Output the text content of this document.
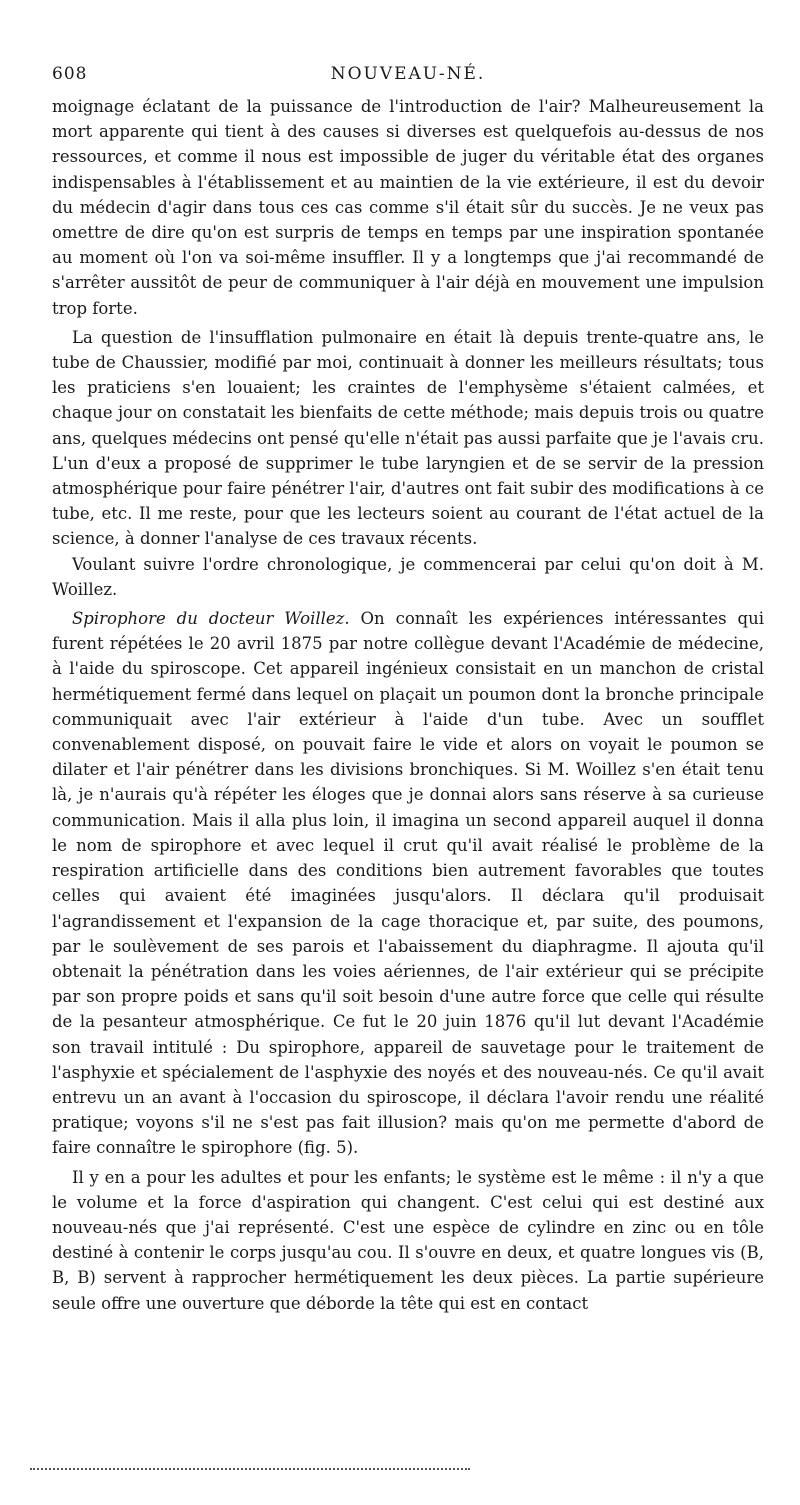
608	NOUVEAU-NÉ.

moignage éclatant de la puissance de l'introduction de l'air? Malheureusement la mort apparente qui tient à des causes si diverses est quelquefois au-dessus de nos ressources, et comme il nous est impossible de juger du véritable état des organes indispensables à l'établissement et au maintien de la vie extérieure, il est du devoir du médecin d'agir dans tous ces cas comme s'il était sûr du succès. Je ne veux pas omettre de dire qu'on est surpris de temps en temps par une inspiration spontanée au moment où l'on va soi-même insuffler. Il y a longtemps que j'ai recommandé de s'arrêter aussitôt de peur de communiquer à l'air déjà en mouvement une impulsion trop forte.

La question de l'insufflation pulmonaire en était là depuis trente-quatre ans, le tube de Chaussier, modifié par moi, continuait à donner les meilleurs résultats; tous les praticiens s'en louaient; les craintes de l'emphysème s'étaient calmées, et chaque jour on constatait les bienfaits de cette méthode; mais depuis trois ou quatre ans, quelques médecins ont pensé qu'elle n'était pas aussi parfaite que je l'avais cru. L'un d'eux a proposé de supprimer le tube laryngien et de se servir de la pression atmosphérique pour faire pénétrer l'air, d'autres ont fait subir des modifications à ce tube, etc. Il me reste, pour que les lecteurs soient au courant de l'état actuel de la science, à donner l'analyse de ces travaux récents.

Voulant suivre l'ordre chronologique, je commencerai par celui qu'on doit à M. Woillez.

Spirophore du docteur Woillez. On connaît les expériences intéressantes qui furent répétées le 20 avril 1875 par notre collègue devant l'Académie de médecine, à l'aide du spiroscope. Cet appareil ingénieux consistait en un manchon de cristal hermétiquement fermé dans lequel on plaçait un poumon dont la bronche principale communiquait avec l'air extérieur à l'aide d'un tube. Avec un soufflet convenablement disposé, on pouvait faire le vide et alors on voyait le poumon se dilater et l'air pénétrer dans les divisions bronchiques. Si M. Woillez s'en était tenu là, je n'aurais qu'à répéter les éloges que je donnai alors sans réserve à sa curieuse communication. Mais il alla plus loin, il imagina un second appareil auquel il donna le nom de spirophore et avec lequel il crut qu'il avait réalisé le problème de la respiration artificielle dans des conditions bien autrement favorables que toutes celles qui avaient été imaginées jusqu'alors. Il déclara qu'il produisait l'agrandissement et l'expansion de la cage thoracique et, par suite, des poumons, par le soulèvement de ses parois et l'abaissement du diaphragme. Il ajouta qu'il obtenait la pénétration dans les voies aériennes, de l'air extérieur qui se précipite par son propre poids et sans qu'il soit besoin d'une autre force que celle qui résulte de la pesanteur atmosphérique. Ce fut le 20 juin 1876 qu'il lut devant l'Académie son travail intitulé : Du spirophore, appareil de sauvetage pour le traitement de l'asphyxie et spécialement de l'asphyxie des noyés et des nouveau-nés. Ce qu'il avait entrevu un an avant à l'occasion du spiroscope, il déclara l'avoir rendu une réalité pratique; voyons s'il ne s'est pas fait illusion? mais qu'on me permette d'abord de faire connaître le spirophore (fig. 5).

Il y en a pour les adultes et pour les enfants; le système est le même : il n'y a que le volume et la force d'aspiration qui changent. C'est celui qui est destiné aux nouveau-nés que j'ai représenté. C'est une espèce de cylindre en zinc ou en tôle destiné à contenir le corps jusqu'au cou. Il s'ouvre en deux, et quatre longues vis (B, B, B) servent à rapprocher hermétiquement les deux pièces. La partie supérieure seule offre une ouverture que déborde la tête qui est en contact
